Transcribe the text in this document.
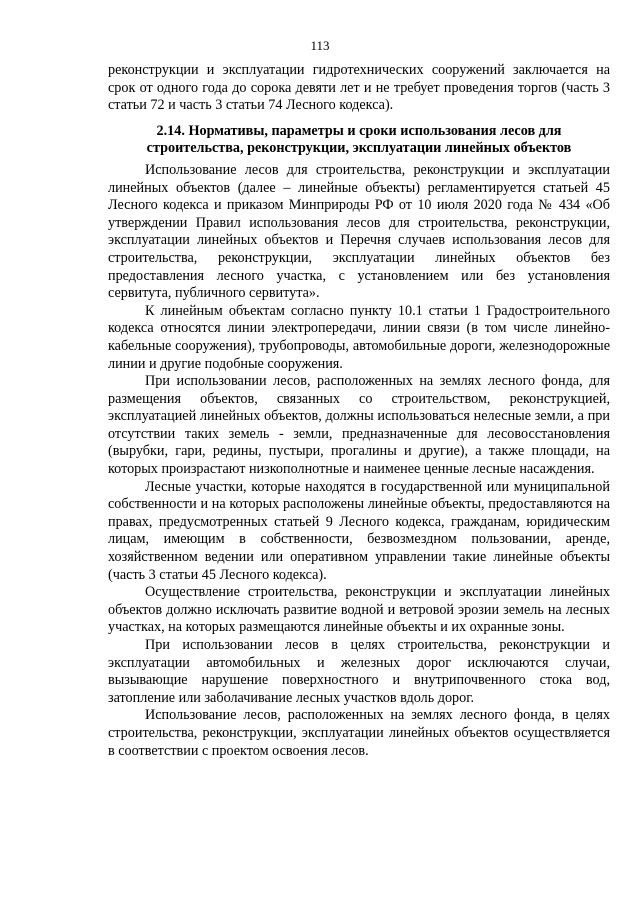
113

реконструкции и эксплуатации гидротехнических сооружений заключается на срок от одного года до сорока девяти лет и не требует проведения торгов (часть 3 статьи 72 и часть 3 статьи 74 Лесного кодекса).

2.14. Нормативы, параметры и сроки использования лесов для строительства, реконструкции, эксплуатации линейных объектов

Использование лесов для строительства, реконструкции и эксплуатации линейных объектов (далее – линейные объекты) регламентируется статьей 45 Лесного кодекса и приказом Минприроды РФ от 10 июля 2020 года № 434 «Об утверждении Правил использования лесов для строительства, реконструкции, эксплуатации линейных объектов и Перечня случаев использования лесов для строительства, реконструкции, эксплуатации линейных объектов без предоставления лесного участка, с установлением или без установления сервитута, публичного сервитута».

К линейным объектам согласно пункту 10.1 статьи 1 Градостроительного кодекса относятся линии электропередачи, линии связи (в том числе линейно-кабельные сооружения), трубопроводы, автомобильные дороги, железнодорожные линии и другие подобные сооружения.

При использовании лесов, расположенных на землях лесного фонда, для размещения объектов, связанных со строительством, реконструкцией, эксплуатацией линейных объектов, должны использоваться нелесные земли, а при отсутствии таких земель - земли, предназначенные для лесовосстановления (вырубки, гари, редины, пустыри, прогалины и другие), а также площади, на которых произрастают низкополнотные и наименее ценные лесные насаждения.

Лесные участки, которые находятся в государственной или муниципальной собственности и на которых расположены линейные объекты, предоставляются на правах, предусмотренных статьей 9 Лесного кодекса, гражданам, юридическим лицам, имеющим в собственности, безвозмездном пользовании, аренде, хозяйственном ведении или оперативном управлении такие линейные объекты (часть 3 статьи 45 Лесного кодекса).

Осуществление строительства, реконструкции и эксплуатации линейных объектов должно исключать развитие водной и ветровой эрозии земель на лесных участках, на которых размещаются линейные объекты и их охранные зоны.

При использовании лесов в целях строительства, реконструкции и эксплуатации автомобильных и железных дорог исключаются случаи, вызывающие нарушение поверхностного и внутрипочвенного стока вод, затопление или заболачивание лесных участков вдоль дорог.

Использование лесов, расположенных на землях лесного фонда, в целях строительства, реконструкции, эксплуатации линейных объектов осуществляется в соответствии с проектом освоения лесов.
